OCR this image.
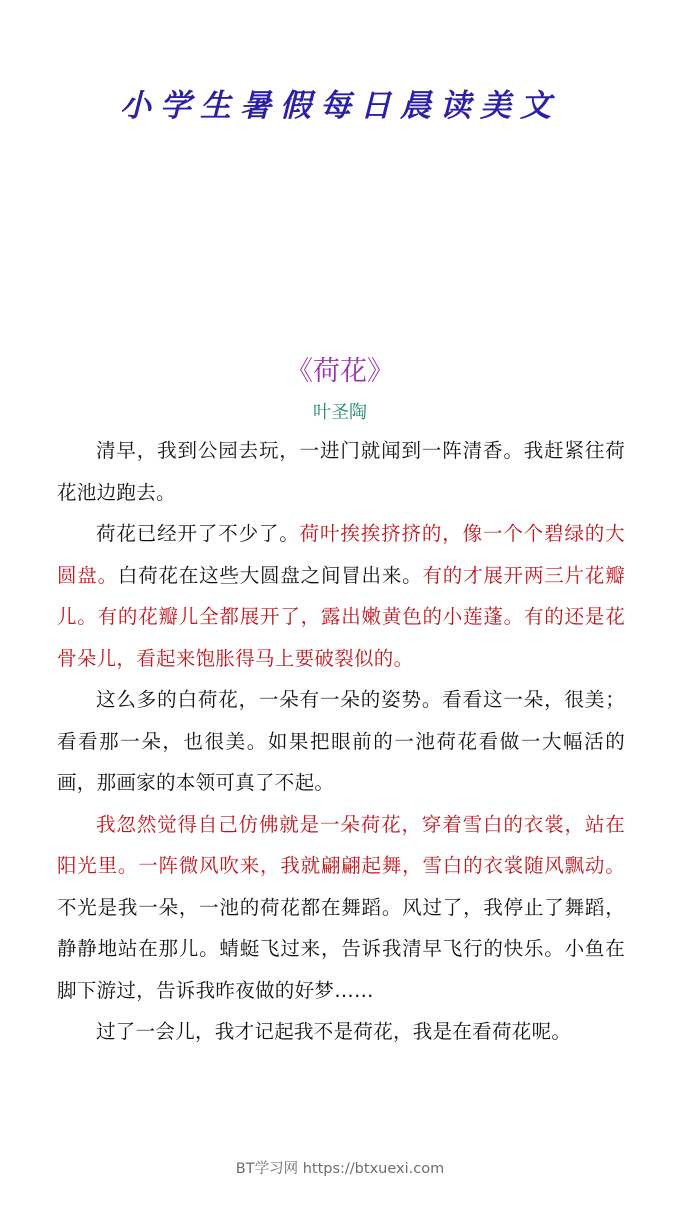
小学生暑假每日晨读美文
《荷花》
叶圣陶

清早，我到公园去玩，一进门就闻到一阵清香。我赶紧往荷花池边跑去。

荷花已经开了不少了。荷叶挨挨挤挤的，像一个个碧绿的大圆盘。白荷花在这些大圆盘之间冒出来。有的才展开两三片花瓣儿。有的花瓣儿全都展开了，露出嫩黄色的小莲蓬。有的还是花骨朵儿，看起来饱胀得马上要破裂似的。

这么多的白荷花，一朵有一朵的姿势。看看这一朵，很美；看看那一朵，也很美。如果把眼前的一池荷花看做一大幅活的画，那画家的本领可真了不起。

我忽然觉得自己仿佛就是一朵荷花，穿着雪白的衣裳，站在阳光里。一阵微风吹来，我就翩翩起舞，雪白的衣裳随风飘动。不光是我一朵，一池的荷花都在舞蹈。风过了，我停止了舞蹈，静静地站在那儿。蜻蜓飞过来，告诉我清早飞行的快乐。小鱼在脚下游过，告诉我昨夜做的好梦……

过了一会儿，我才记起我不是荷花，我是在看荷花呢。

BT学习网 https://btxuexi.com
